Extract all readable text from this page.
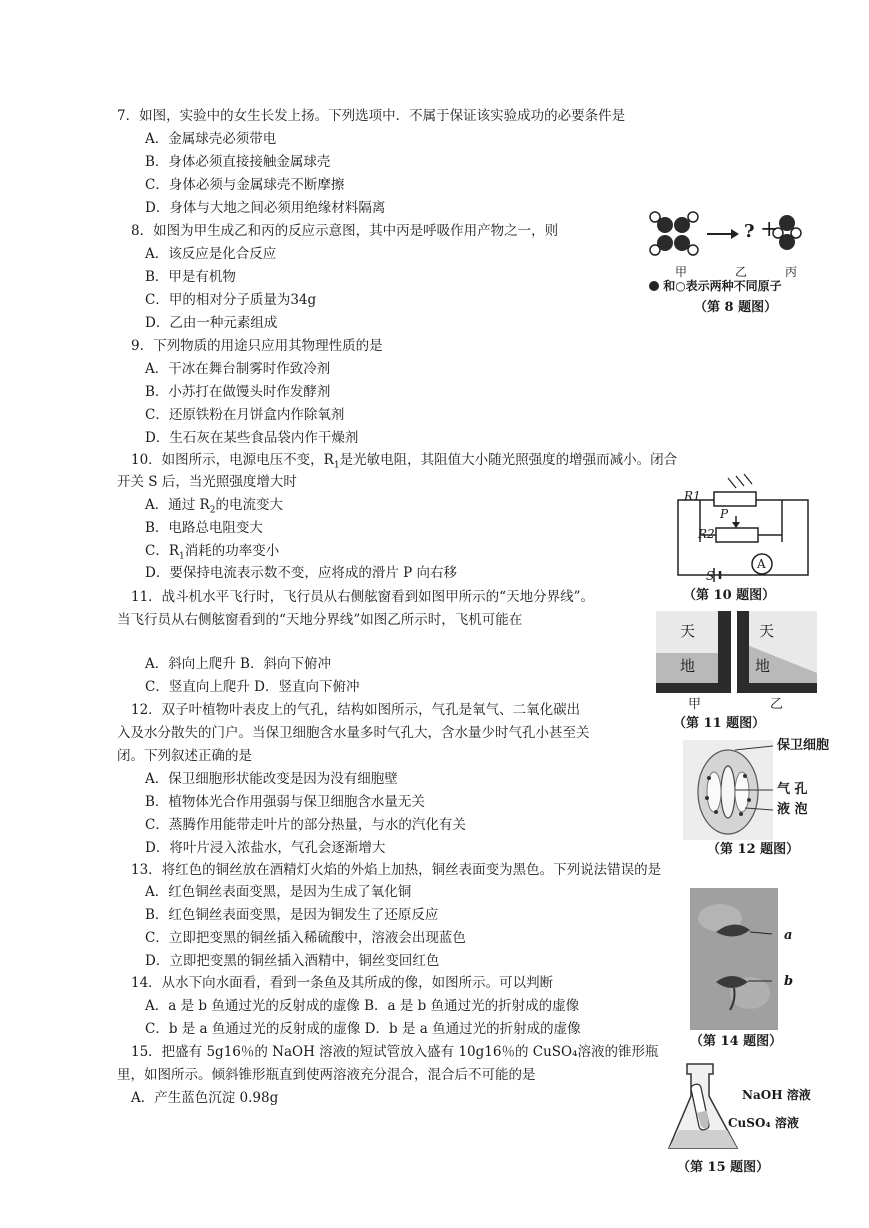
7．如图，实验中的女生长发上扬。下列选项中．不属于保证该实验成功的必要条件是
A．金属球壳必须带电
B．身体必须直接接触金属球壳
C．身体必须与金属球壳不断摩擦
D．身体与大地之间必须用绝缘材料隔离
8．如图为甲生成乙和丙的反应示意图，其中丙是呼吸作用产物之一，则
A．该反应是化合反应
B．甲是有机物
C．甲的相对分子质量为34g
D．乙由一种元素组成
? +
甲	乙	丙
和○表示两种不同原子
（第 8 题图）
9．下列物质的用途只应用其物理性质的是
A．干冰在舞台制雾时作致冷剂
B．小苏打在做馒头时作发酵剂
C．还原铁粉在月饼盒内作除氧剂
D．生石灰在某些食品袋内作干燥剂
10．如图所示，电源电压不变，$R_1$是光敏电阻，其阻值大小随光照强度的增强而减小。闭合
开关 S 后，当光照强度增大时
A．通过 $R_2$的电流变大
B．电路总电阻变大
C．$R_1$消耗的功率变小
D．要保持电流表示数不变，应将成的滑片 P 向右移
R1
P
R2
S
A
（第 10 题图）
11．战斗机水平飞行时，飞行员从右侧舷窗看到如图甲所示的“天地分界线”。
当飞行员从右侧舷窗看到的“天地分界线”如图乙所示时，飞机可能在
A．斜向上爬升 B．斜向下俯冲
C．竖直向上爬升 D．竖直向下俯冲
天
地
天
地
甲	乙
（第 11 题图）
12．双子叶植物叶表皮上的气孔，结构如图所示，气孔是氧气、二氧化碳出
入及水分散失的门户。当保卫细胞含水量多时气孔大，含水量少时气孔小甚至关
闭。下列叙述正确的是
A．保卫细胞形状能改变是因为没有细胞壁
B．植物体光合作用强弱与保卫细胞含水量无关
C．蒸腾作用能带走叶片的部分热量，与水的汽化有关
D．将叶片浸入浓盐水，气孔会逐渐增大
保卫细胞
气 孔
液 泡
（第 12 题图）
13．将红色的铜丝放在酒精灯火焰的外焰上加热，铜丝表面变为黑色。下列说法错误的是
A．红色铜丝表面变黑，是因为生成了氧化铜
B．红色铜丝表面变黑，是因为铜发生了还原反应
C．立即把变黑的铜丝插入稀硫酸中，溶液会出现蓝色
D．立即把变黑的铜丝插入酒精中，铜丝变回红色
14．从水下向水面看，看到一条鱼及其所成的像，如图所示。可以判断
A．a 是 b 鱼通过光的反射成的虚像 B．a 是 b 鱼通过光的折射成的虚像
C．b 是 a 鱼通过光的反射成的虚像 D．b 是 a 鱼通过光的折射成的虚像
a
b
（第 14 题图）
15．把盛有 5g16％的 NaOH 溶液的短试管放入盛有 10g16％的 CuSO₄溶液的锥形瓶
里，如图所示。倾斜锥形瓶直到使两溶液充分混合，混合后不可能的是
A．产生蓝色沉淀 0.98g	NaOH 溶液
CuSO₄ 溶液
（第 15 题图）
